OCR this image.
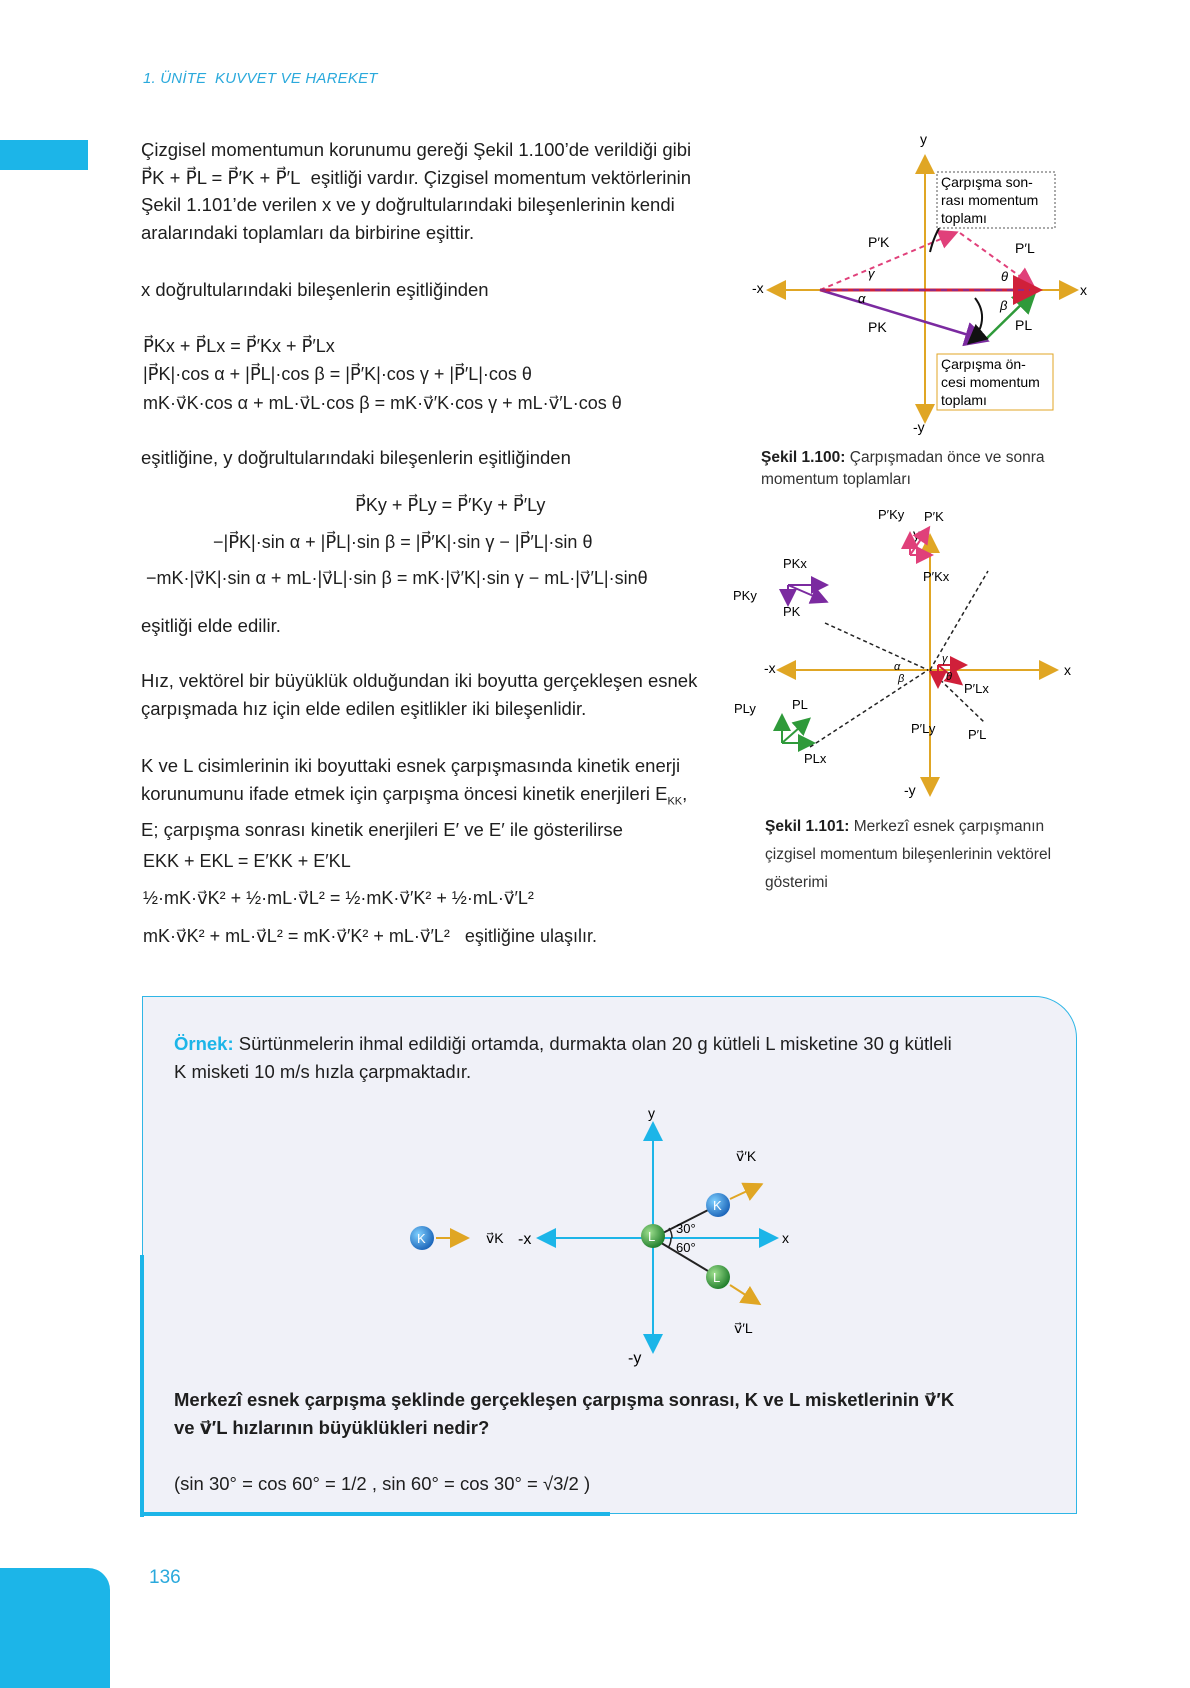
1. ÜNİTE KUVVET VE HAREKET
Çizgisel momentumun korunumu gereği Şekil 1.100’de verildiği gibi
P⃗K + P⃗L = P⃗′K + P⃗′L eşitliği vardır. Çizgisel momentum vektörlerinin
Şekil 1.101’de verilen x ve y doğrultularındaki bileşenlerinin kendi
aralarındaki toplamları da birbirine eşittir.
x doğrultularındaki bileşenlerin eşitliğinden
P⃗Kx + P⃗Lx = P⃗′Kx + P⃗′Lx
|P⃗K|·cos α + |P⃗L|·cos β = |P⃗′K|·cos γ + |P⃗′L|·cos θ
mK·v⃗K·cos α + mL·v⃗L·cos β = mK·v⃗′K·cos γ + mL·v⃗′L·cos θ
eşitliğine, y doğrultularındaki bileşenlerin eşitliğinden
P⃗Ky + P⃗Ly = P⃗′Ky + P⃗′Ly
−|P⃗K|·sin α + |P⃗L|·sin β = |P⃗′K|·sin γ − |P⃗′L|·sin θ
−mK·|v⃗K|·sin α + mL·|v⃗L|·sin β = mK·|v⃗′K|·sin γ − mL·|v⃗′L|·sinθ
eşitliği elde edilir.
Hız, vektörel bir büyüklük olduğundan iki boyutta gerçekleşen esnek
çarpışmada hız için elde edilen eşitlikler iki bileşenlidir.
K ve L cisimlerinin iki boyuttaki esnek çarpışmasında kinetik enerji
korunumunu ifade etmek için çarpışma öncesi kinetik enerjileri $E_{KK}$,
E; çarpışma sonrası kinetik enerjileri E′ ve E′ ile gösterilirse
EKK + EKL = E′KK + E′KL
½·mK·v⃗K² + ½·mL·v⃗L² = ½·mK·v⃗′K² + ½·mL·v⃗′L²
mK·v⃗K² + mL·v⃗L² = mK·v⃗′K² + mL·v⃗′L² eşitliğine ulaşılır.
x
-x
y
-y
P′K	P′L
PK	PL
γ
α
θ
β
Çarpışma son-
rası momentum
toplamı
Çarpışma ön-
cesi momentum
toplamı
Şekil 1.100: Çarpışmadan önce ve sonra momentum toplamları
x
-x
y
-y
P′Ky P′K
P′Kx
PKx
PKy
PK
PL
PLy
PLx
P′Lx
P′Ly	P′L
α
β
γ
θ
Şekil 1.101: Merkezî esnek çarpışmanın
çizgisel momentum bileşenlerinin vektörel
gösterimi
Örnek: Sürtünmelerin ihmal edildiği ortamda, durmakta olan 20 g kütleli L misketine 30 g kütleli
K misketi 10 m/s hızla çarpmaktadır.
y
-y
x
-x
30°
60°
K	L
K
L
v⃗K
v⃗′K
v⃗′L
Merkezî esnek çarpışma şeklinde gerçekleşen çarpışma sonrası, K ve L misketlerinin v⃗′K
ve v⃗′L hızlarının büyüklükleri nedir?
(sin 30° = cos 60° = 1/2 , sin 60° = cos 30° = √3/2 )
136
